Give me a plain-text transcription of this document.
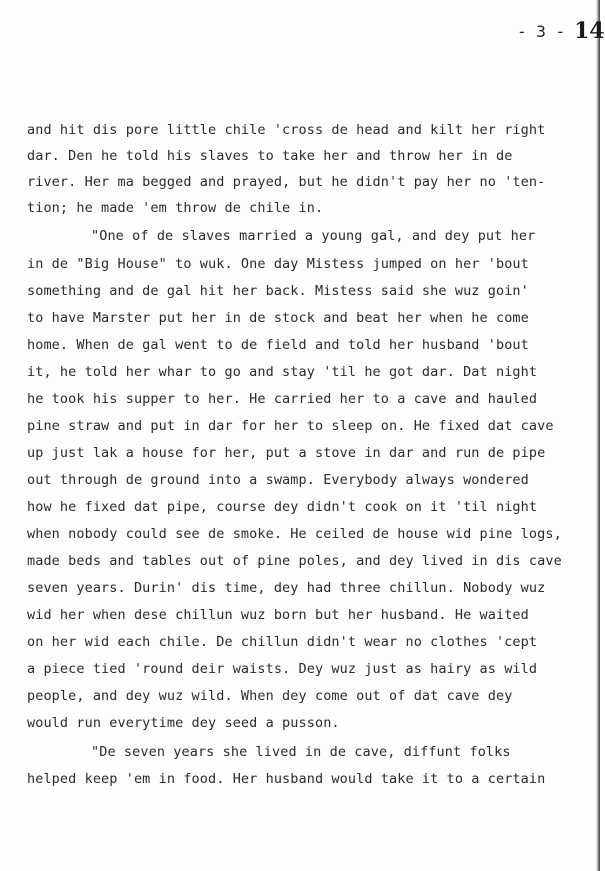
- 3 - 14
and hit dis pore little chile 'cross de head and kilt her right
dar. Den he told his slaves to take her and throw her in de
river. Her ma begged and prayed, but he didn't pay her no 'ten-
tion; he made 'em throw de chile in.
"One of de slaves married a young gal, and dey put her
in de "Big House" to wuk. One day Mistess jumped on her 'bout
something and de gal hit her back. Mistess said she wuz goin'
to have Marster put her in de stock and beat her when he come
home. When de gal went to de field and told her husband 'bout
it, he told her whar to go and stay 'til he got dar. Dat night
he took his supper to her. He carried her to a cave and hauled
pine straw and put in dar for her to sleep on. He fixed dat cave
up just lak a house for her, put a stove in dar and run de pipe
out through de ground into a swamp. Everybody always wondered
how he fixed dat pipe, course dey didn't cook on it 'til night
when nobody could see de smoke. He ceiled de house wid pine logs,
made beds and tables out of pine poles, and dey lived in dis cave
seven years. Durin' dis time, dey had three chillun. Nobody wuz
wid her when dese chillun wuz born but her husband. He waited
on her wid each chile. De chillun didn't wear no clothes 'cept
a piece tied 'round deir waists. Dey wuz just as hairy as wild
people, and dey wuz wild. When dey come out of dat cave dey
would run everytime dey seed a pusson.
"De seven years she lived in de cave, diffunt folks
helped keep 'em in food. Her husband would take it to a certain
